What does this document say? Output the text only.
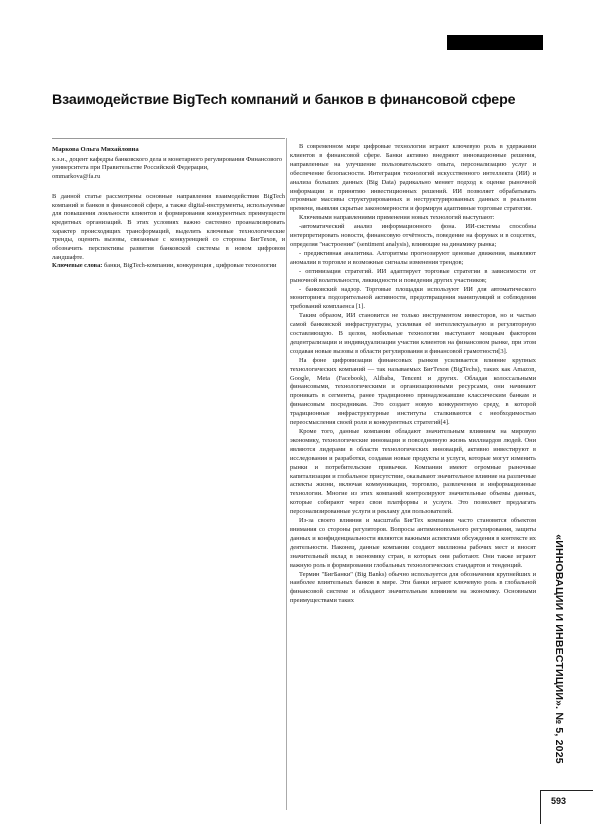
Взаимодействие BigTech компаний и банков в финансовой сфере

Маркова Ольга Михайловна

к.э.н., доцент кафедры банковского дела и монетарного регулирования Финансового университета при Правительстве Российской Федерации,

ommarkova@fa.ru

В данной статье рассмотрены основные направления взаимодействия BigTech компаний и банков в финансовой сфере, а также digital-инструменты, используемые для повышения лояльности клиентов и формирования конкурентных преимуществ кредитных организаций. В этих условиях важно системно проанализировать характер происходящих трансформаций, выделить ключевые технологические тренды, оценить вызовы, связанные с конкуренцией со стороны БигТехов, и обозначить перспективы развития банковской системы в новом цифровом ландшафте.

Ключевые слова: банки, BigTech-компании, конкуренция , цифровые технологии

В современном мире цифровые технологии играют ключевую роль в удержании клиентов в финансовой сфере. Банки активно внедряют инновационные решения, направленные на улучшение пользовательского опыта, персонализацию услуг и обеспечение безопасности. Интеграция технологий искусственного интеллекта (ИИ) и анализа больших данных (Big Data) радикально меняет подход к оценке рыночной информации и принятию инвестиционных решений. ИИ позволяет обрабатывать огромные массивы структурированных и неструктурированных данных в реальном времени, выявляя скрытые закономерности и формируя адаптивные торговые стратегии.

Ключевыми направлениями применения новых технологий выступают:

-автоматический анализ информационного фона. ИИ-системы способны интерпретировать новости, финансовую отчётность, поведение на форумах и в соцсетях, определяя "настроения" (sentiment analysis), влияющие на динамику рынка;

- предиктивная аналитика. Алгоритмы прогнозируют ценовые движения, выявляют аномалии в торговле и возможные сигналы изменения трендов;

- оптимизация стратегий. ИИ адаптирует торговые стратегии в зависимости от рыночной волатильности, ликвидности и поведения других участников;

- банковский надзор. Торговые площадки используют ИИ для автоматического мониторинга подозрительной активности, предотвращения манипуляций и соблюдения требований комплаенса [1].

Таким образом, ИИ становится не только инструментом инвесторов, но и частью самой банковской инфраструктуры, усиливая её интеллектуальную и регуляторную составляющую. В целом, мобильные технологии выступают мощным фактором децентрализации и индивидуализации участия клиентов на финансовом рынке, при этом создавая новые вызовы в области регулирования и финансовой грамотности[3].

На фоне цифровизации финансовых рынков усиливается влияние крупных технологических компаний — так называемых БигТехов (BigTechs), таких как Amazon, Google, Meta (Facebook), Alibaba, Tencent и других. Обладая колоссальными финансовыми, технологическими и организационными ресурсами, они начинают проникать в сегменты, ранее традиционно принадлежавшие классическим банкам и финансовым посредникам. Это создает новую конкурентную среду, в которой традиционные инфраструктурные институты сталкиваются с необходимостью переосмысления своей роли и конкурентных стратегий[4].

Кроме того, данные компании обладают значительным влиянием на мировую экономику, технологические инновации и повседневную жизнь миллиардов людей. Они являются лидерами в области технологических инноваций, активно инвестируют в исследования и разработки, создавая новые продукты и услуги, которые могут изменить рынки и потребительские привычки. Компании имеют огромные рыночные капитализации и глобальное присутствие, оказывают значительное влияние на различные аспекты жизни, включая коммуникации, торговлю, развлечения и информационные технологии. Многие из этих компаний контролируют значительные объемы данных, которые собирают через свои платформы и услуги. Это позволяет предлагать персонализированные услуги и рекламу для пользователей.

Из-за своего влияния и масштаба БигТех компании часто становятся объектом внимания со стороны регуляторов. Вопросы антимонопольного регулирования, защиты данных и конфиденциальности являются важными аспектами обсуждения в контексте их деятельности. Наконец, данные компании создают миллионы рабочих мест и вносят значительный вклад в экономику стран, в которых они работают. Они также играют важную роль в формировании глобальных технологических стандартов и тенденций.

Термин "БигБанки" (Big Banks) обычно используется для обозначения крупнейших и наиболее влиятельных банков в мире. Эти банки играют ключевую роль в глобальной финансовой системе и обладают значительным влиянием на экономику. Основными преимуществами таких	«ИННОВАЦИИ И ИНВЕСТИЦИИ». № 5, 2025
593
